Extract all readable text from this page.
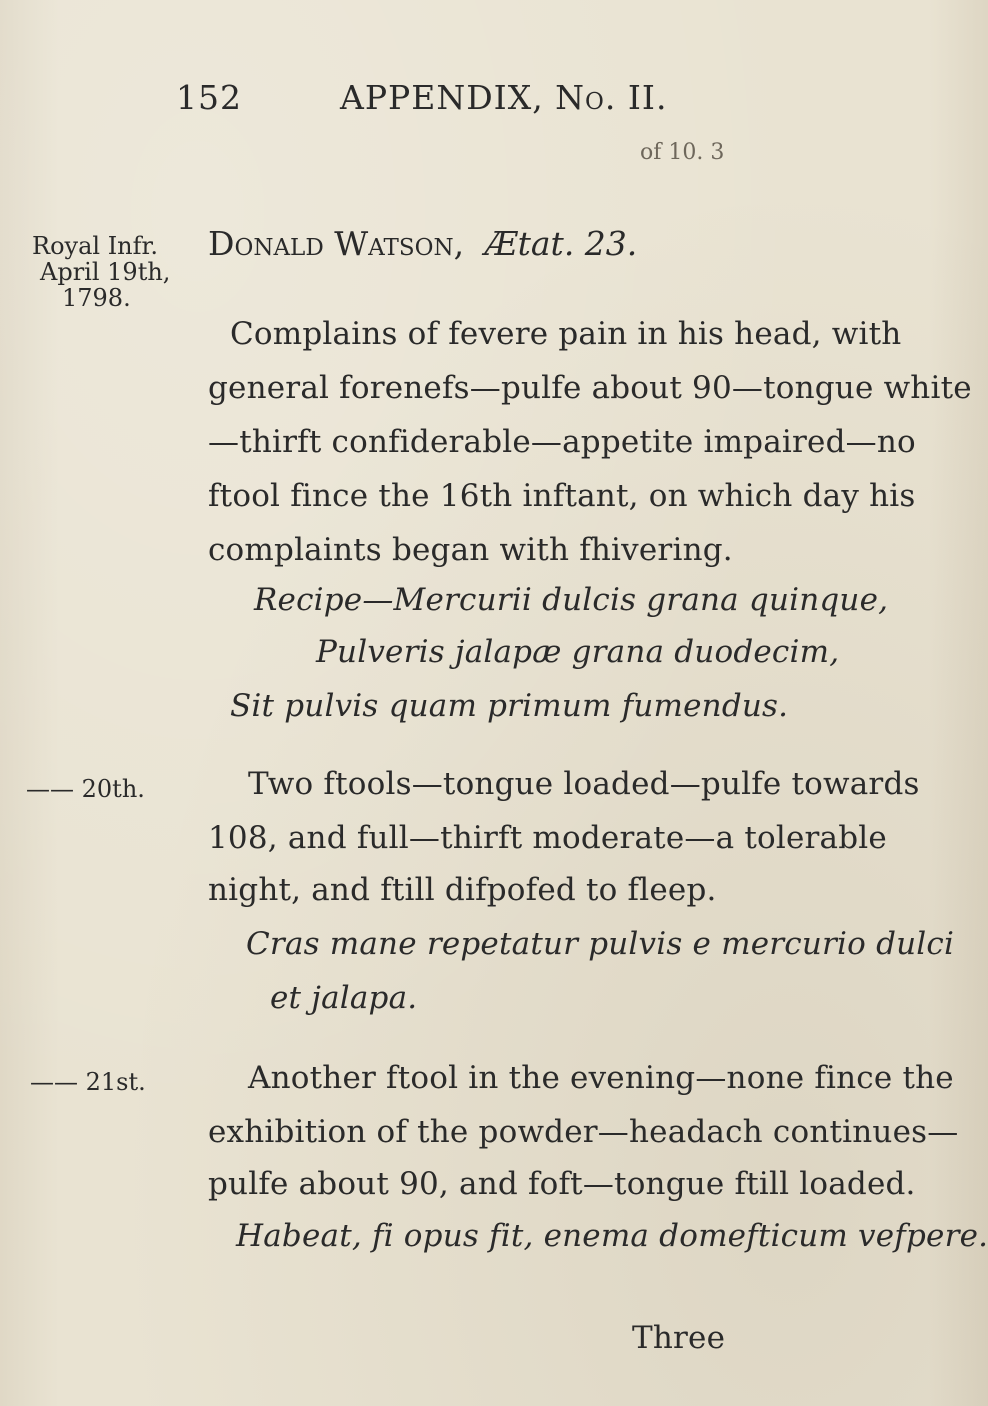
152	APPENDIX, No. II.
of 10. 3
Royal Infr.
April 19th,
1798.
Donald Watson, Ætat. 23.
Complains of fevere pain in his head, with
general forenefs—pulfe about 90—tongue white
—thirft confiderable—appetite impaired—no
ftool fince the 16th inftant, on which day his
complaints began with fhivering.
Recipe—Mercurii dulcis grana quinque,
Pulveris jalapæ grana duodecim,
Sit pulvis quam primum fumendus.
—— 20th.	Two ftools—tongue loaded—pulfe towards
108, and full—thirft moderate—a tolerable
night, and ftill difpofed to fleep.
Cras mane repetatur pulvis e mercurio dulci
et jalapa.
—— 21st.	Another ftool in the evening—none fince the
exhibition of the powder—headach continues—
pulfe about 90, and foft—tongue ftill loaded.
Habeat, fi opus fit, enema domefticum vefpere.
Three
